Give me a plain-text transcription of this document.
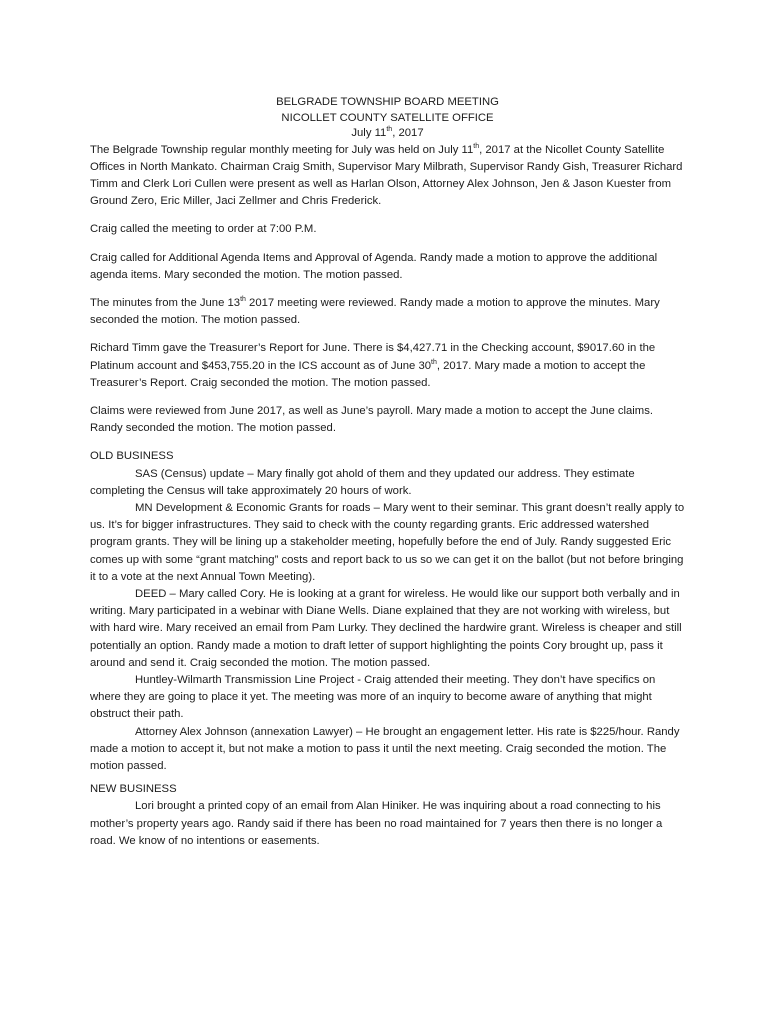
BELGRADE TOWNSHIP BOARD MEETING
NICOLLET COUNTY SATELLITE OFFICE
July 11th, 2017

The Belgrade Township regular monthly meeting for July was held on July 11th, 2017 at the Nicollet County Satellite Offices in North Mankato. Chairman Craig Smith, Supervisor Mary Milbrath, Supervisor Randy Gish, Treasurer Richard Timm and Clerk Lori Cullen were present as well as Harlan Olson, Attorney Alex Johnson, Jen & Jason Kuester from Ground Zero, Eric Miller, Jaci Zellmer and Chris Frederick.

Craig called the meeting to order at 7:00 P.M.

Craig called for Additional Agenda Items and Approval of Agenda. Randy made a motion to approve the additional agenda items. Mary seconded the motion. The motion passed.

The minutes from the June 13th 2017 meeting were reviewed. Randy made a motion to approve the minutes. Mary seconded the motion. The motion passed.

Richard Timm gave the Treasurer’s Report for June. There is $4,427.71 in the Checking account, $9017.60 in the Platinum account and $453,755.20 in the ICS account as of June 30th, 2017. Mary made a motion to accept the Treasurer’s Report. Craig seconded the motion. The motion passed.

Claims were reviewed from June 2017, as well as June’s payroll. Mary made a motion to accept the June claims. Randy seconded the motion. The motion passed.

OLD BUSINESS

SAS (Census) update – Mary finally got ahold of them and they updated our address. They estimate completing the Census will take approximately 20 hours of work.

MN Development & Economic Grants for roads – Mary went to their seminar. This grant doesn’t really apply to us. It’s for bigger infrastructures. They said to check with the county regarding grants. Eric addressed watershed program grants. They will be lining up a stakeholder meeting, hopefully before the end of July. Randy suggested Eric comes up with some “grant matching” costs and report back to us so we can get it on the ballot (but not before bringing it to a vote at the next Annual Town Meeting).

DEED – Mary called Cory. He is looking at a grant for wireless. He would like our support both verbally and in writing. Mary participated in a webinar with Diane Wells. Diane explained that they are not working with wireless, but with hard wire. Mary received an email from Pam Lurky. They declined the hardwire grant. Wireless is cheaper and still potentially an option. Randy made a motion to draft letter of support highlighting the points Cory brought up, pass it around and send it. Craig seconded the motion. The motion passed.

Huntley-Wilmarth Transmission Line Project - Craig attended their meeting. They don’t have specifics on where they are going to place it yet. The meeting was more of an inquiry to become aware of anything that might obstruct their path.

Attorney Alex Johnson (annexation Lawyer) – He brought an engagement letter. His rate is $225/hour. Randy made a motion to accept it, but not make a motion to pass it until the next meeting. Craig seconded the motion. The motion passed.

NEW BUSINESS

Lori brought a printed copy of an email from Alan Hiniker. He was inquiring about a road connecting to his mother’s property years ago. Randy said if there has been no road maintained for 7 years then there is no longer a road. We know of no intentions or easements.
